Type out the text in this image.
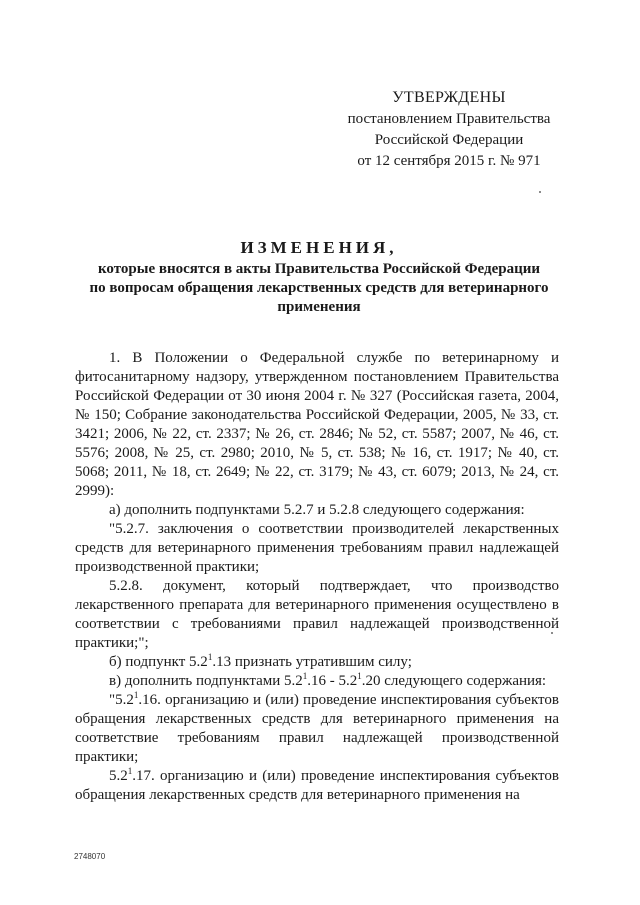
УТВЕРЖДЕНЫ
постановлением Правительства
Российской Федерации
от 12 сентября 2015 г. № 971
ИЗМЕНЕНИЯ,
которые вносятся в акты Правительства Российской Федерации
по вопросам обращения лекарственных средств для ветеринарного
применения

1. В Положении о Федеральной службе по ветеринарному и фитосанитарному надзору, утвержденном постановлением Правительства Российской Федерации от 30 июня 2004 г. № 327 (Российская газета, 2004, № 150; Собрание законодательства Российской Федерации, 2005, № 33, ст. 3421; 2006, № 22, ст. 2337; № 26, ст. 2846; № 52, ст. 5587; 2007, № 46, ст. 5576; 2008, № 25, ст. 2980; 2010, № 5, ст. 538; № 16, ст. 1917; № 40, ст. 5068; 2011, № 18, ст. 2649; № 22, ст. 3179; № 43, ст. 6079; 2013, № 24, ст. 2999):

а) дополнить подпунктами 5.2.7 и 5.2.8 следующего содержания:

"5.2.7. заключения о соответствии производителей лекарственных средств для ветеринарного применения требованиям правил надлежащей производственной практики;

5.2.8. документ, который подтверждает, что производство лекарственного препарата для ветеринарного применения осуществлено в соответствии с требованиями правил надлежащей производственной практики;";

б) подпункт $5.2^1.13$ признать утратившим силу;

в) дополнить подпунктами $5.2^1.16 - 5.2^1.20$ следующего содержания:

"$5.2^1.16$. организацию и (или) проведение инспектирования субъектов обращения лекарственных средств для ветеринарного применения на соответствие требованиям правил надлежащей производственной практики;

$5.2^1.17$. организацию и (или) проведение инспектирования субъектов обращения лекарственных средств для ветеринарного применения на

2748070
